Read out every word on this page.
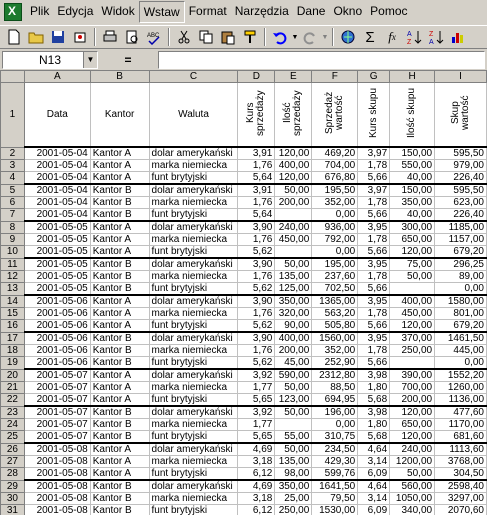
X
Plik Edycja Widok Wstaw Format Narzędzia Dane Okno Pomoc
ABC	▼	▼	Σ	f x A
Z
Z
A
N13	▼	=
	A	B	C	D	E	F	G	H	I
1	Data	Kantor	Waluta	Kurs sprzedaży	Ilość sprzedaży	Sprzedaż wartość	Kurs skupu	Ilość skupu	Skup wartość
2	2001-05-04	Kantor A	dolar amerykański	3,91	120,00	469,20	3,97	150,00	595,50
3	2001-05-04	Kantor A	marka niemiecka	1,76	400,00	704,00	1,78	550,00	979,00
4	2001-05-04	Kantor A	funt brytyjski	5,64	120,00	676,80	5,66	40,00	226,40
5	2001-05-04	Kantor B	dolar amerykański	3,91	50,00	195,50	3,97	150,00	595,50
6	2001-05-04	Kantor B	marka niemiecka	1,76	200,00	352,00	1,78	350,00	623,00
7	2001-05-04	Kantor B	funt brytyjski	5,64		0,00	5,66	40,00	226,40
8	2001-05-05	Kantor A	dolar amerykański	3,90	240,00	936,00	3,95	300,00	1185,00
9	2001-05-05	Kantor A	marka niemiecka	1,76	450,00	792,00	1,78	650,00	1157,00
10	2001-05-05	Kantor A	funt brytyjski	5,62		0,00	5,66	120,00	679,20
11	2001-05-05	Kantor B	dolar amerykański	3,90	50,00	195,00	3,95	75,00	296,25
12	2001-05-05	Kantor B	marka niemiecka	1,76	135,00	237,60	1,78	50,00	89,00
13	2001-05-05	Kantor B	funt brytyjski	5,62	125,00	702,50	5,66		0,00
14	2001-05-06	Kantor A	dolar amerykański	3,90	350,00	1365,00	3,95	400,00	1580,00
15	2001-05-06	Kantor A	marka niemiecka	1,76	320,00	563,20	1,78	450,00	801,00
16	2001-05-06	Kantor A	funt brytyjski	5,62	90,00	505,80	5,66	120,00	679,20
17	2001-05-06	Kantor B	dolar amerykański	3,90	400,00	1560,00	3,95	370,00	1461,50
18	2001-05-06	Kantor B	marka niemiecka	1,76	200,00	352,00	1,78	250,00	445,00
19	2001-05-06	Kantor B	funt brytyjski	5,62	45,00	252,90	5,66		0,00
20	2001-05-07	Kantor A	dolar amerykański	3,92	590,00	2312,80	3,98	390,00	1552,20
21	2001-05-07	Kantor A	marka niemiecka	1,77	50,00	88,50	1,80	700,00	1260,00
22	2001-05-07	Kantor A	funt brytyjski	5,65	123,00	694,95	5,68	200,00	1136,00
23	2001-05-07	Kantor B	dolar amerykański	3,92	50,00	196,00	3,98	120,00	477,60
24	2001-05-07	Kantor B	marka niemiecka	1,77		0,00	1,80	650,00	1170,00
25	2001-05-07	Kantor B	funt brytyjski	5,65	55,00	310,75	5,68	120,00	681,60
26	2001-05-08	Kantor A	dolar amerykański	4,69	50,00	234,50	4,64	240,00	1113,60
27	2001-05-08	Kantor A	marka niemiecka	3,18	135,00	429,30	3,14	1200,00	3768,00
28	2001-05-08	Kantor A	funt brytyjski	6,12	98,00	599,76	6,09	50,00	304,50
29	2001-05-08	Kantor B	dolar amerykański	4,69	350,00	1641,50	4,64	560,00	2598,40
30	2001-05-08	Kantor B	marka niemiecka	3,18	25,00	79,50	3,14	1050,00	3297,00
31	2001-05-08	Kantor B	funt brytyjski	6,12	250,00	1530,00	6,09	340,00	2070,60
